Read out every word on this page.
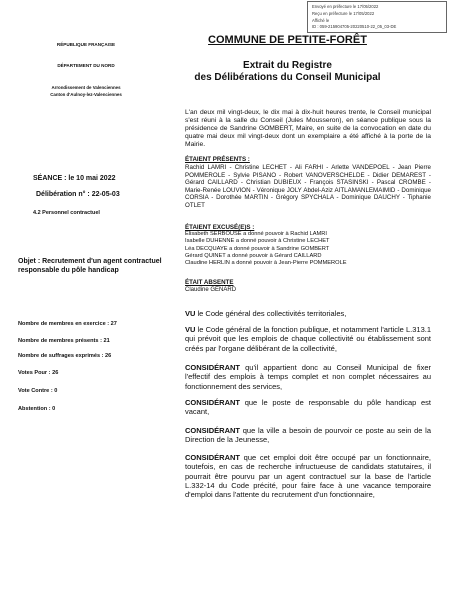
Envoyé en préfecture le 17/05/2022
Reçu en préfecture le 17/05/2022
Affiché le
ID : 059-215904705-20220510-22_05_03-DE
RÉPUBLIQUE FRANÇAISE
DÉPARTEMENT DU NORD
Arrondissement de Valenciennes
Canton d'Aulnoy-lez-Valenciennes
COMMUNE DE PETITE-FORÊT
Extrait du Registre
des Délibérations du Conseil Municipal
L'an deux mil vingt-deux, le dix mai à dix-huit heures trente, le Conseil municipal s'est réuni à la salle du Conseil (Jules Mousseron), en séance publique sous la présidence de Sandrine GOMBERT, Maire, en suite de la convocation en date du quatre mai deux mil vingt-deux dont un exemplaire a été affiché à la porte de la Mairie.
SÉANCE : le 10 mai 2022
Délibération n° : 22-05-03
4.2 Personnel contractuel
ÉTAIENT PRÉSENTS :
Rachid LAMRI - Christine LECHET - Ali FARHI - Arlette VANDEPOEL - Jean Pierre POMMEROLE - Sylvie PISANO - Robert VANOVERSCHELDE - Didier DEMAREST - Gérard CAILLARD - Christian DUBIEUX - François STASINSKI - Pascal CROMBE - Marie-Renée LOUVION - Véronique JOLY Abdel-Aziz AITLAMANLEMAIMID - Dominique CORSIA - Dorothée MARTIN - Grégory SPYCHALA - Dominique DAUCHY - Tiphanie OTLET
ÉTAIENT EXCUSÉ(E)S :
Elisabeth SERBOUSE a donné pouvoir à Rachid LAMRI
Isabelle DUHENNE a donné pouvoir à Christine LECHET
Léa DECQUAYE a donné pouvoir à Sandrine GOMBERT
Gérard QUINET a donné pouvoir à Gérard CAILLARD
Claudine HERLIN a donné pouvoir à Jean-Pierre POMMEROLE
ÉTAIT ABSENTE
Claudine GENARD
Objet : Recrutement d'un agent contractuel responsable du pôle handicap
Nombre de membres en exercice : 27
Nombre de membres présents : 21
Nombre de suffrages exprimés : 26
Votes Pour : 26
Vote Contre : 0
Abstention : 0
VU le Code général des collectivités territoriales,
VU le Code général de la fonction publique, et notamment l'article L.313.1 qui prévoit que les emplois de chaque collectivité ou établissement sont créés par l'organe délibérant de la collectivité,
CONSIDÉRANT qu'il appartient donc au Conseil Municipal de fixer l'effectif des emplois à temps complet et non complet nécessaires au fonctionnement des services,
CONSIDÉRANT que le poste de responsable du pôle handicap est vacant,
CONSIDÉRANT que la ville a besoin de pourvoir ce poste au sein de la Direction de la Jeunesse,
CONSIDÉRANT que cet emploi doit être occupé par un fonctionnaire, toutefois, en cas de recherche infructueuse de candidats statutaires, il pourrait être pourvu par un agent contractuel sur la base de l'article L.332-14 du Code précité, pour faire face à une vacance temporaire d'emploi dans l'attente du recrutement d'un fonctionnaire,
